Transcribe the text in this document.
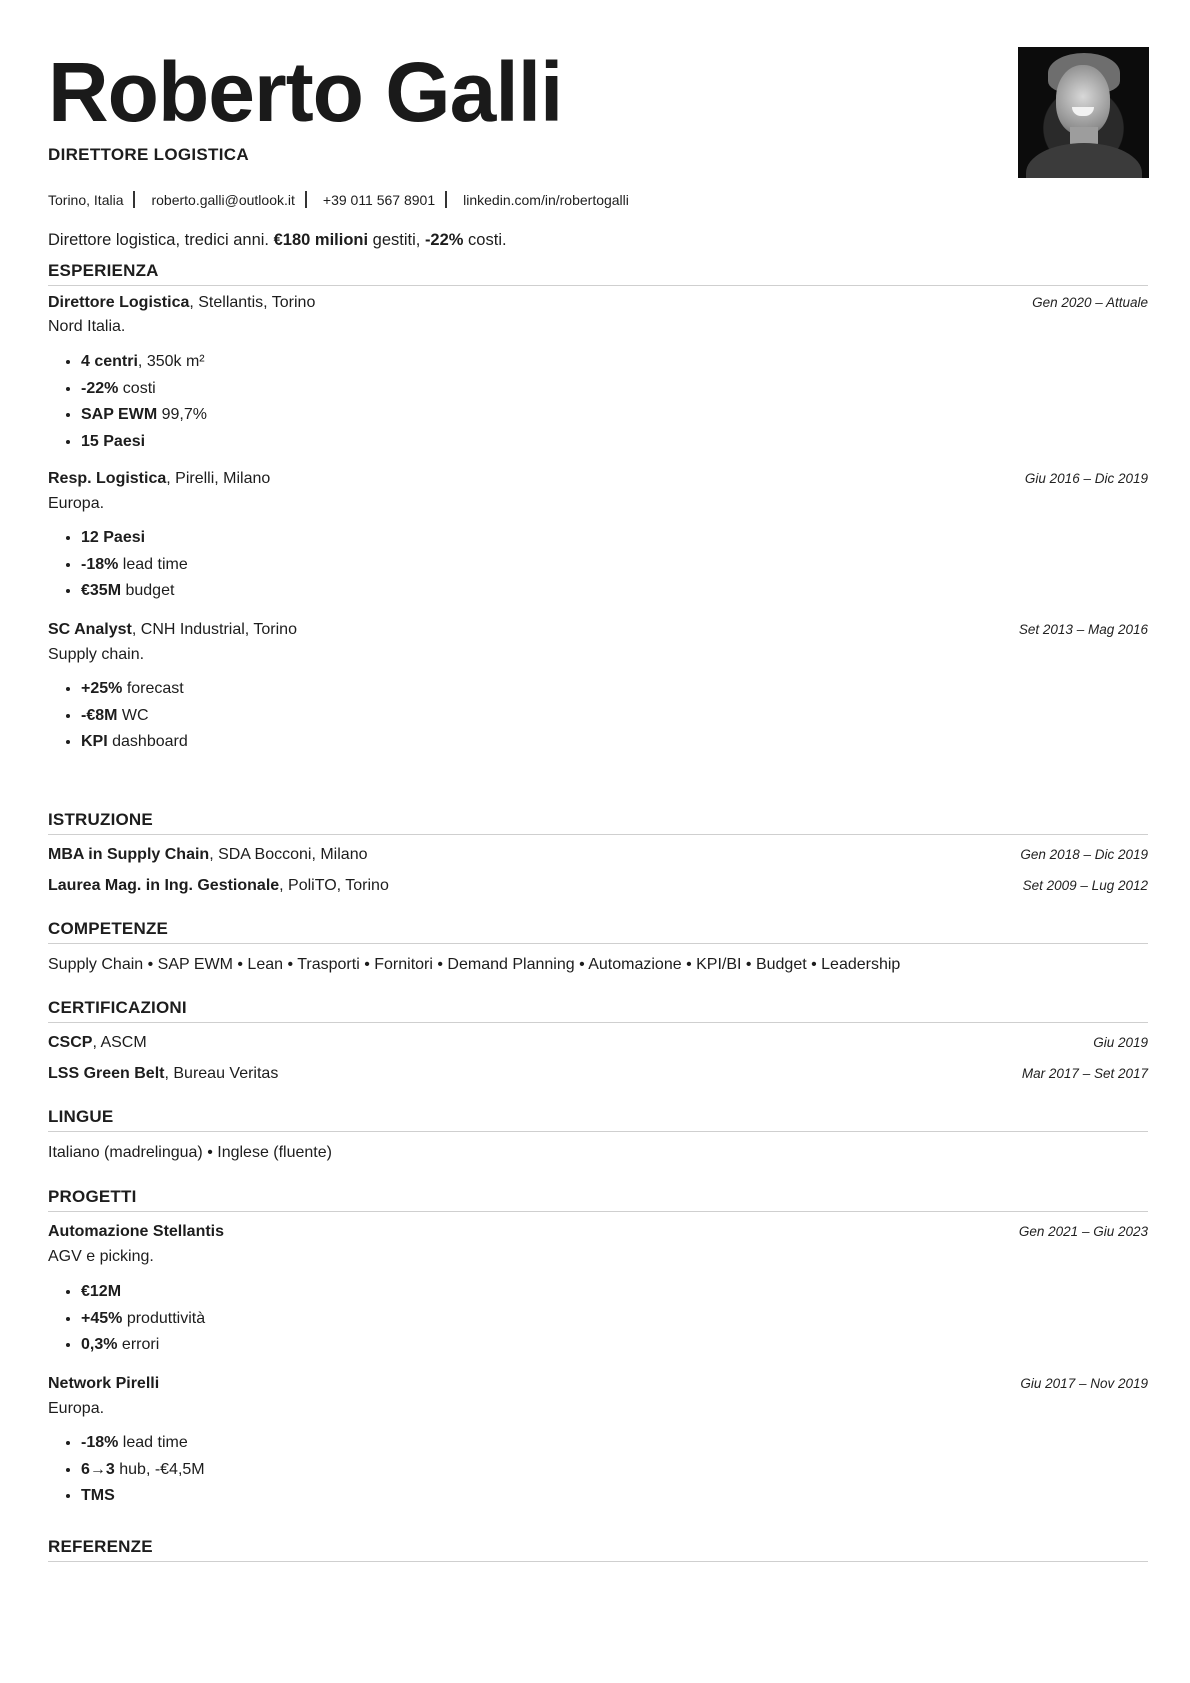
Roberto Galli
DIRETTORE LOGISTICA
Torino, Italia roberto.galli@outlook.it +39 011 567 8901 linkedin.com/in/robertogalli
Direttore logistica, tredici anni. €180 milioni gestiti, -22% costi.
ESPERIENZA
Direttore Logistica, Stellantis, Torino	Gen 2020 – Attuale
Nord Italia.
• 4 centri, 350k m²
• -22% costi
• SAP EWM 99,7%
• 15 Paesi
Resp. Logistica, Pirelli, Milano	Giu 2016 – Dic 2019
Europa.
• 12 Paesi
• -18% lead time
• €35M budget
SC Analyst, CNH Industrial, Torino	Set 2013 – Mag 2016
Supply chain.
• +25% forecast
• -€8M WC
• KPI dashboard
ISTRUZIONE
MBA in Supply Chain, SDA Bocconi, Milano	Gen 2018 – Dic 2019
Laurea Mag. in Ing. Gestionale, PoliTO, Torino	Set 2009 – Lug 2012
COMPETENZE
Supply Chain • SAP EWM • Lean • Trasporti • Fornitori • Demand Planning • Automazione • KPI/BI • Budget • Leadership
CERTIFICAZIONI
CSCP, ASCM	Giu 2019
LSS Green Belt, Bureau Veritas	Mar 2017 – Set 2017
LINGUE
Italiano (madrelingua) • Inglese (fluente)
PROGETTI
Automazione Stellantis	Gen 2021 – Giu 2023
AGV e picking.
• €12M
• +45% produttività
• 0,3% errori
Network Pirelli	Giu 2017 – Nov 2019
Europa.
• -18% lead time
• 6→3 hub, -€4,5M
• TMS
REFERENZE
